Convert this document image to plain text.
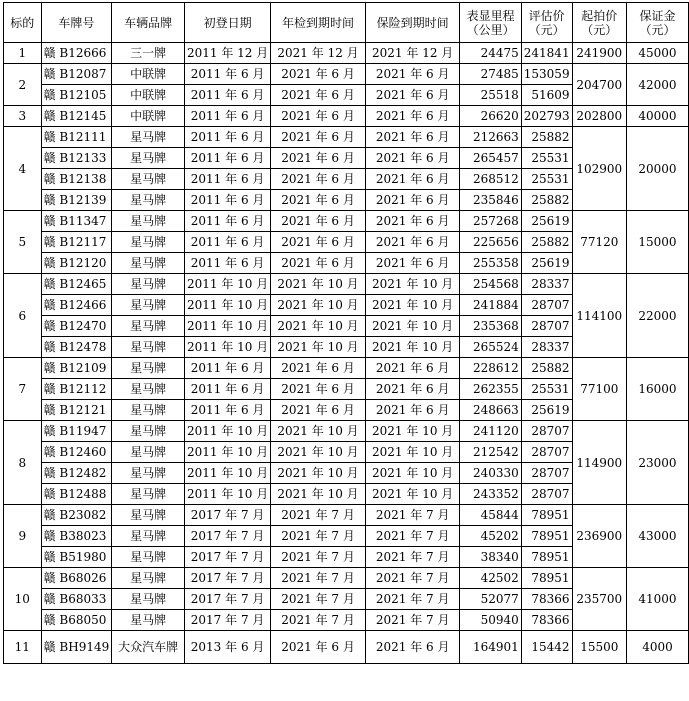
标的	车牌号	车辆品牌	初登日期	年检到期时间	保险到期时间	表显里程（公里）	评估价（元）	起拍价（元）	保证金（元）
1	赣 B12666	三一牌	2011 年 12 月	2021 年 12 月	2021 年 12 月	24475	241841	241900	45000
2	赣 B12087	中联牌	2011 年 6 月	2021 年 6 月	2021 年 6 月	27485	153059	204700	42000
	赣 B12105	中联牌	2011 年 6 月	2021 年 6 月	2021 年 6 月	25518	51609		
3	赣 B12145	中联牌	2011 年 6 月	2021 年 6 月	2021 年 6 月	26620	202793	202800	40000
4	赣 B12111	星马牌	2011 年 6 月	2021 年 6 月	2021 年 6 月	212663	25882	102900	20000
	赣 B12133	星马牌	2011 年 6 月	2021 年 6 月	2021 年 6 月	265457	25531		
	赣 B12138	星马牌	2011 年 6 月	2021 年 6 月	2021 年 6 月	268512	25531		
	赣 B12139	星马牌	2011 年 6 月	2021 年 6 月	2021 年 6 月	235846	25882		
5	赣 B11347	星马牌	2011 年 6 月	2021 年 6 月	2021 年 6 月	257268	25619	77120	15000
	赣 B12117	星马牌	2011 年 6 月	2021 年 6 月	2021 年 6 月	225656	25882		
	赣 B12120	星马牌	2011 年 6 月	2021 年 6 月	2021 年 6 月	255358	25619		
6	赣 B12465	星马牌	2011 年 10 月	2021 年 10 月	2021 年 10 月	254568	28337	114100	22000
	赣 B12466	星马牌	2011 年 10 月	2021 年 10 月	2021 年 10 月	241884	28707		
	赣 B12470	星马牌	2011 年 10 月	2021 年 10 月	2021 年 10 月	235368	28707		
	赣 B12478	星马牌	2011 年 10 月	2021 年 10 月	2021 年 10 月	265524	28337		
7	赣 B12109	星马牌	2011 年 6 月	2021 年 6 月	2021 年 6 月	228612	25882	77100	16000
	赣 B12112	星马牌	2011 年 6 月	2021 年 6 月	2021 年 6 月	262355	25531		
	赣 B12121	星马牌	2011 年 6 月	2021 年 6 月	2021 年 6 月	248663	25619		
8	赣 B11947	星马牌	2011 年 10 月	2021 年 10 月	2021 年 10 月	241120	28707	114900	23000
	赣 B12460	星马牌	2011 年 10 月	2021 年 10 月	2021 年 10 月	212542	28707		
	赣 B12482	星马牌	2011 年 10 月	2021 年 10 月	2021 年 10 月	240330	28707		
	赣 B12488	星马牌	2011 年 10 月	2021 年 10 月	2021 年 10 月	243352	28707		
9	赣 B23082	星马牌	2017 年 7 月	2021 年 7 月	2021 年 7 月	45844	78951	236900	43000
	赣 B38023	星马牌	2017 年 7 月	2021 年 7 月	2021 年 7 月	45202	78951		
	赣 B51980	星马牌	2017 年 7 月	2021 年 7 月	2021 年 7 月	38340	78951		
10	赣 B68026	星马牌	2017 年 7 月	2021 年 7 月	2021 年 7 月	42502	78951	235700	41000
	赣 B68033	星马牌	2017 年 7 月	2021 年 7 月	2021 年 7 月	52077	78366		
	赣 B68050	星马牌	2017 年 7 月	2021 年 7 月	2021 年 7 月	50940	78366		
11	赣 BH9149	大众汽车牌	2013 年 6 月	2021 年 6 月	2021 年 6 月	164901	15442	15500	4000
